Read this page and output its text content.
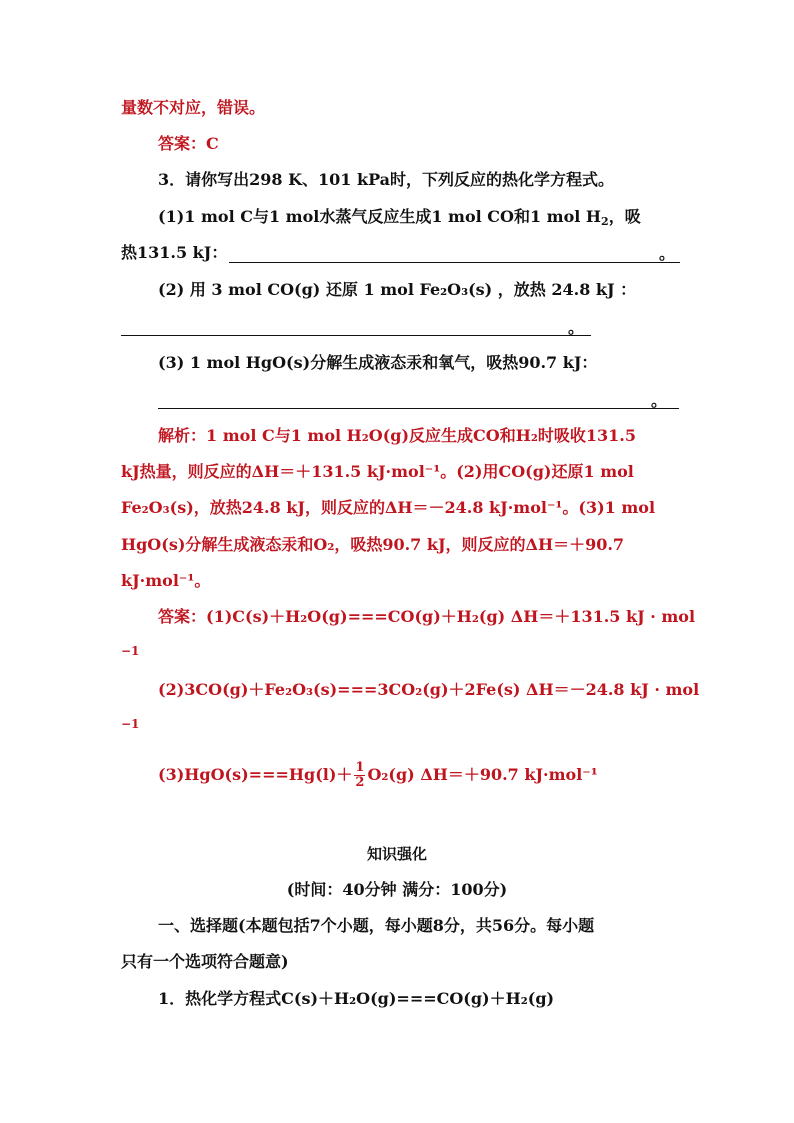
量数不对应，错误。
答案：C
3．请你写出298 K、101 kPa时，下列反应的热化学方程式。
(1)1 mol C与1 mol水蒸气反应生成1 mol CO和1 mol $H_2$，吸
热131.5 kJ：	。
(2) 用 3 mol CO(g) 还原 1 mol Fe₂O₃(s) ，放热 24.8 kJ ：
。
(3) 1 mol HgO(s)分解生成液态汞和氧气，吸热90.7 kJ：
。
解析：1 mol C与1 mol H₂O(g)反应生成CO和H₂时吸收131.5
kJ热量，则反应的ΔH＝＋131.5 kJ·mol⁻¹。(2)用CO(g)还原1 mol
Fe₂O₃(s)，放热24.8 kJ，则反应的ΔH＝－24.8 kJ·mol⁻¹。(3)1 mol
HgO(s)分解生成液态汞和O₂，吸热90.7 kJ，则反应的ΔH＝＋90.7
kJ·mol⁻¹。
答案：(1)C(s)＋H₂O(g)===CO(g)＋H₂(g) ΔH＝＋131.5 kJ · mol
−1
(2)3CO(g)＋Fe₂O₃(s)===3CO₂(g)＋2Fe(s) ΔH＝－24.8 kJ · mol
−1
$(3)HgO(s)===Hg(l)+ \frac{1}{2} O_2(g)$ ΔH＝＋90.7 kJ·mol⁻¹
知识强化
(时间：40分钟 满分：100分)
一、选择题(本题包括7个小题，每小题8分，共56分。每小题
只有一个选项符合题意)
1．热化学方程式C(s)＋H₂O(g)===CO(g)＋H₂(g)
